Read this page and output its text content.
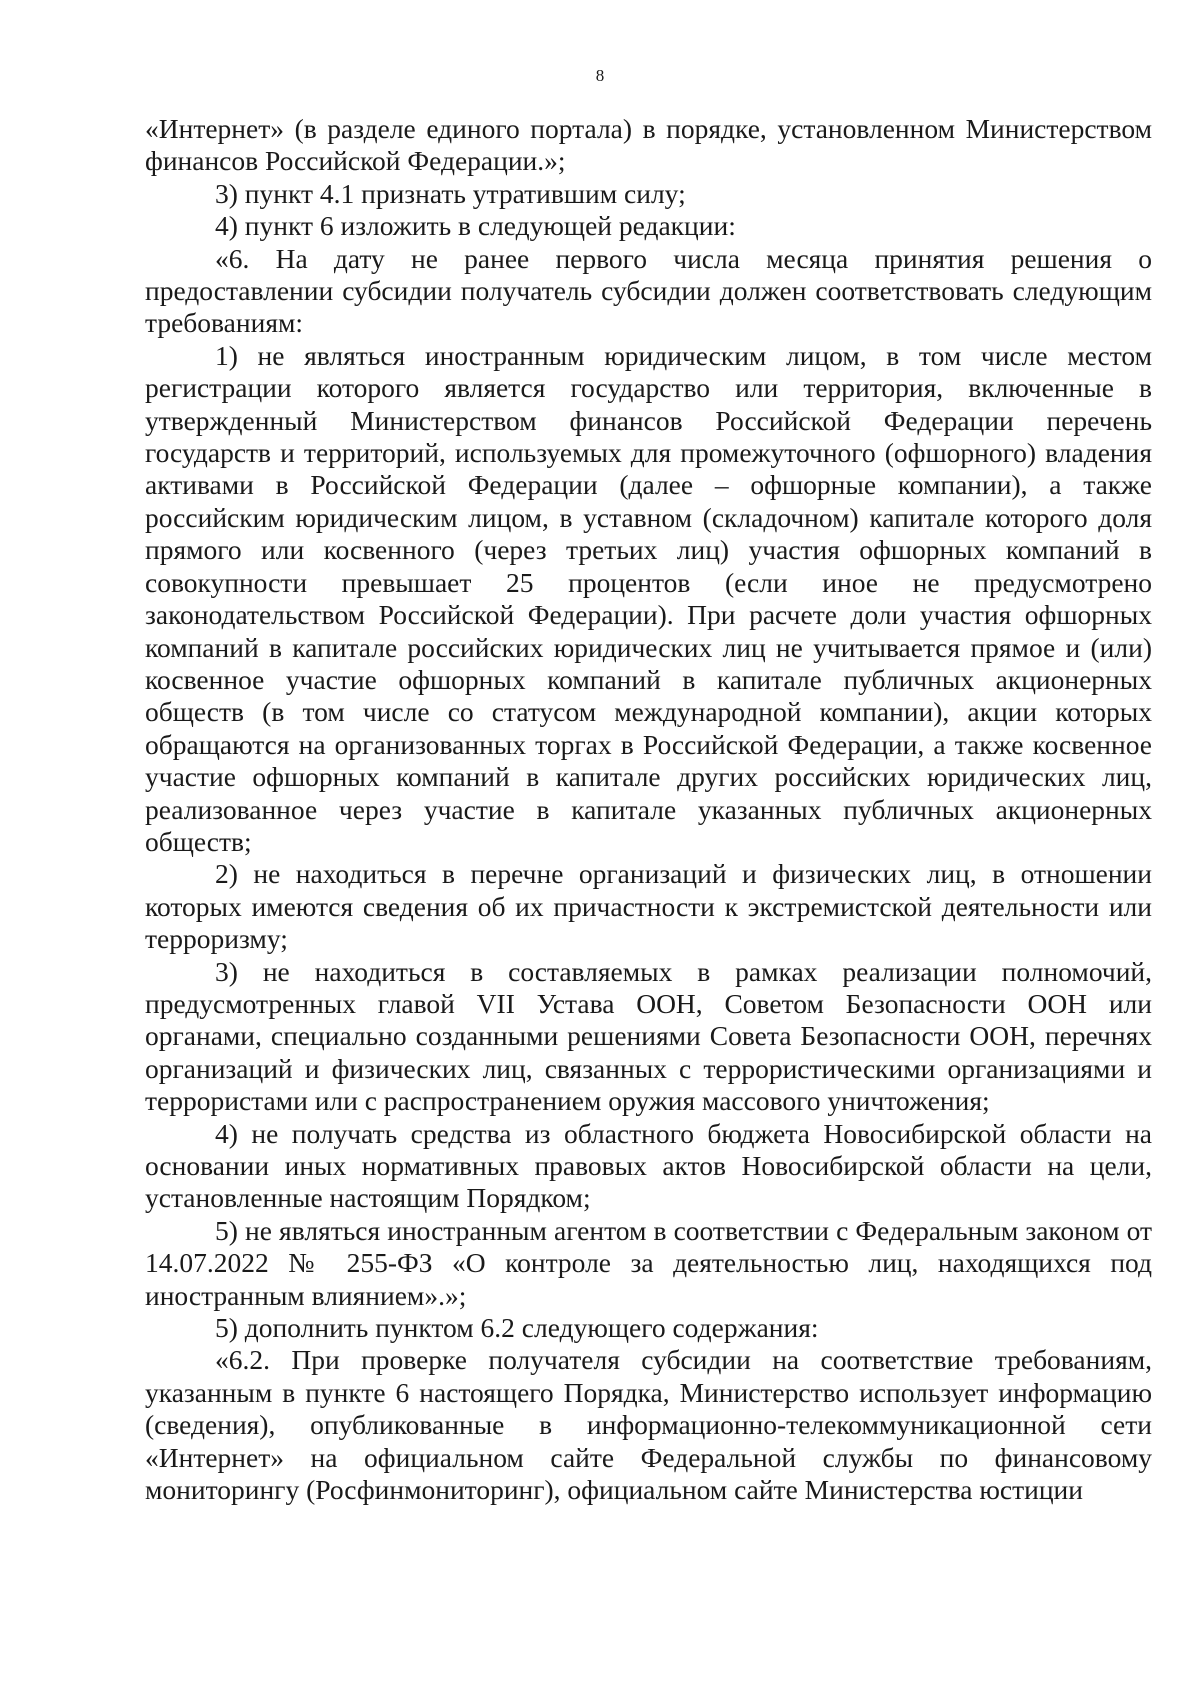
8

«Интернет» (в разделе единого портала) в порядке, установленном Министерством финансов Российской Федерации.»;

3) пункт 4.1 признать утратившим силу;

4) пункт 6 изложить в следующей редакции:

«6. На дату не ранее первого числа месяца принятия решения о предоставлении субсидии получатель субсидии должен соответствовать следующим требованиям:

1) не являться иностранным юридическим лицом, в том числе местом регистрации которого является государство или территория, включенные в утвержденный Министерством финансов Российской Федерации перечень государств и территорий, используемых для промежуточного (офшорного) владения активами в Российской Федерации (далее – офшорные компании), а также российским юридическим лицом, в уставном (складочном) капитале которого доля прямого или косвенного (через третьих лиц) участия офшорных компаний в совокупности превышает 25 процентов (если иное не предусмотрено законодательством Российской Федерации). При расчете доли участия офшорных компаний в капитале российских юридических лиц не учитывается прямое и (или) косвенное участие офшорных компаний в капитале публичных акционерных обществ (в том числе со статусом международной компании), акции которых обращаются на организованных торгах в Российской Федерации, а также косвенное участие офшорных компаний в капитале других российских юридических лиц, реализованное через участие в капитале указанных публичных акционерных обществ;

2) не находиться в перечне организаций и физических лиц, в отношении которых имеются сведения об их причастности к экстремистской деятельности или терроризму;

3) не находиться в составляемых в рамках реализации полномочий, предусмотренных главой VII Устава ООН, Советом Безопасности ООН или органами, специально созданными решениями Совета Безопасности ООН, перечнях организаций и физических лиц, связанных с террористическими организациями и террористами или с распространением оружия массового уничтожения;

4) не получать средства из областного бюджета Новосибирской области на основании иных нормативных правовых актов Новосибирской области на цели, установленные настоящим Порядком;

5) не являться иностранным агентом в соответствии с Федеральным законом от 14.07.2022 № 255-ФЗ «О контроле за деятельностью лиц, находящихся под иностранным влиянием».»;

5) дополнить пунктом 6.2 следующего содержания:

«6.2. При проверке получателя субсидии на соответствие требованиям, указанным в пункте 6 настоящего Порядка, Министерство использует информацию (сведения), опубликованные в информационно-телекоммуникационной сети «Интернет» на официальном сайте Федеральной службы по финансовому мониторингу (Росфинмониторинг), официальном сайте Министерства юстиции
